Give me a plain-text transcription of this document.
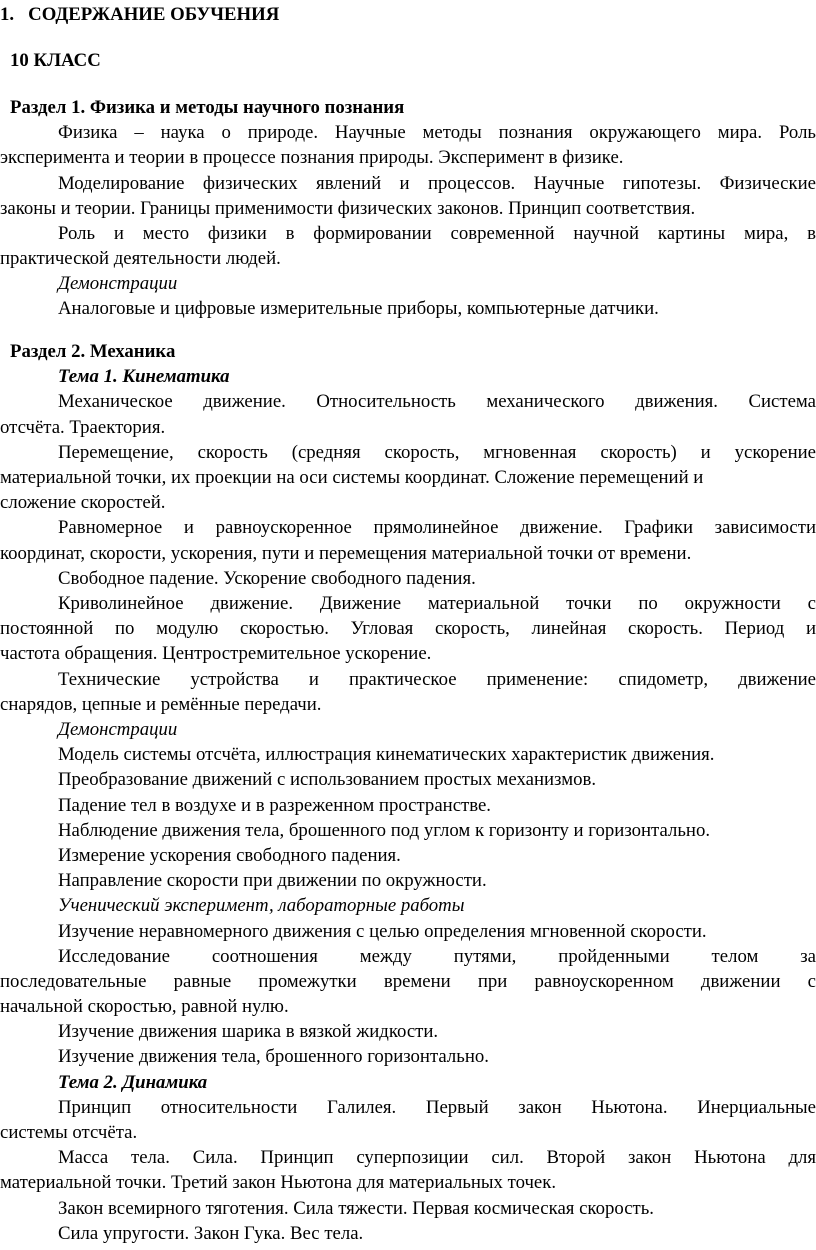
1. СОДЕРЖАНИЕ ОБУЧЕНИЯ
10 КЛАСС
Раздел 1. Физика и методы научного познания
Физика – наука о природе. Научные методы познания окружающего мира. Роль
эксперимента и теории в процессе познания природы. Эксперимент в физике.
Моделирование физических явлений и процессов. Научные гипотезы. Физические
законы и теории. Границы применимости физических законов. Принцип соответствия.
Роль и место физики в формировании современной научной картины мира, в
практической деятельности людей.
Демонстрации
Аналоговые и цифровые измерительные приборы, компьютерные датчики.
Раздел 2. Механика
Тема 1. Кинематика
Механическое движение. Относительность механического движения. Система
отсчёта. Траектория.
Перемещение, скорость (средняя скорость, мгновенная скорость) и ускорение
материальной точки, их проекции на оси системы координат. Сложение перемещений и
сложение скоростей.
Равномерное и равноускоренное прямолинейное движение. Графики зависимости
координат, скорости, ускорения, пути и перемещения материальной точки от времени.
Свободное падение. Ускорение свободного падения.
Криволинейное движение. Движение материальной точки по окружности с
постоянной по модулю скоростью. Угловая скорость, линейная скорость. Период и
частота обращения. Центростремительное ускорение.
Технические устройства и практическое применение: спидометр, движение
снарядов, цепные и ремённые передачи.
Демонстрации
Модель системы отсчёта, иллюстрация кинематических характеристик движения.
Преобразование движений с использованием простых механизмов.
Падение тел в воздухе и в разреженном пространстве.
Наблюдение движения тела, брошенного под углом к горизонту и горизонтально.
Измерение ускорения свободного падения.
Направление скорости при движении по окружности.
Ученический эксперимент, лабораторные работы
Изучение неравномерного движения с целью определения мгновенной скорости.
Исследование соотношения между путями, пройденными телом за
последовательные равные промежутки времени при равноускоренном движении с
начальной скоростью, равной нулю.
Изучение движения шарика в вязкой жидкости.
Изучение движения тела, брошенного горизонтально.
Тема 2. Динамика
Принцип относительности Галилея. Первый закон Ньютона. Инерциальные
системы отсчёта.
Масса тела. Сила. Принцип суперпозиции сил. Второй закон Ньютона для
материальной точки. Третий закон Ньютона для материальных точек.
Закон всемирного тяготения. Сила тяжести. Первая космическая скорость.
Сила упругости. Закон Гука. Вес тела.
